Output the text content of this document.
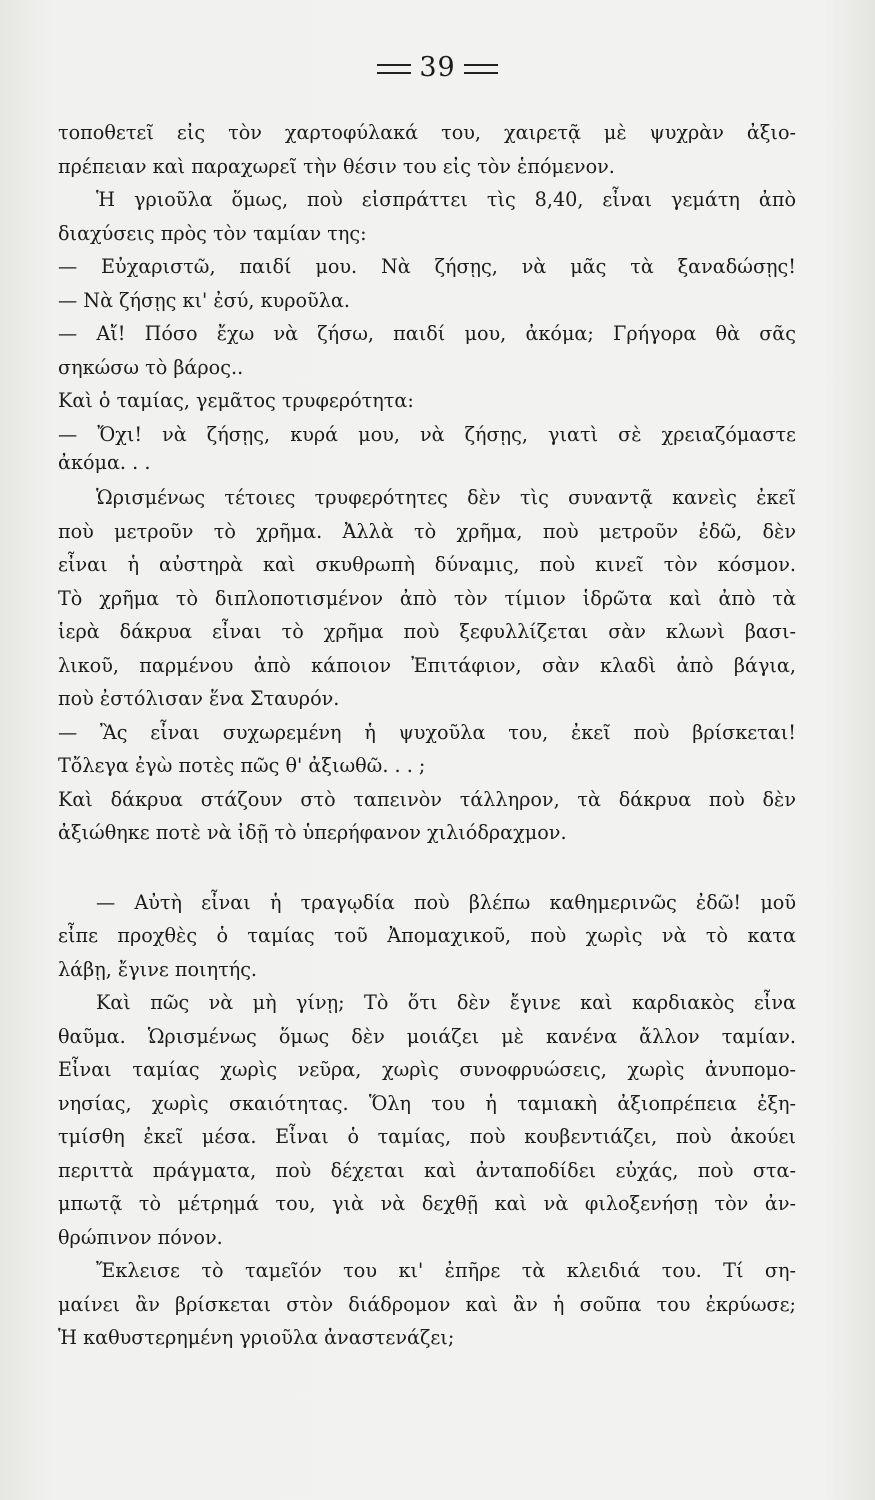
39
τοποθετεῖ εἰς τὸν χαρτοφύλακά του, χαιρετᾷ μὲ ψυχρὰν ἀξιο-
πρέπειαν καὶ παραχωρεῖ τὴν θέσιν του εἰς τὸν ἑπόμενον.
Ἡ γριοῦλα ὅμως, ποὺ εἰσπράττει τὶς 8,40, εἶναι γεμάτη ἀπὸ
διαχύσεις πρὸς τὸν ταμίαν της:
— Εὐχαριστῶ, παιδί μου. Νὰ ζήσῃς, νὰ μᾶς τὰ ξαναδώσῃς!
— Νὰ ζήσῃς κι' ἐσύ, κυροῦλα.
— Αἴ! Πόσο ἔχω νὰ ζήσω, παιδί μου, ἀκόμα; Γρήγορα θὰ σᾶς
σηκώσω τὸ βάρος..
Καὶ ὁ ταμίας, γεμᾶτος τρυφερότητα:
— Ὄχι! νὰ ζήσῃς, κυρά μου, νὰ ζήσῃς, γιατὶ σὲ χρειαζόμαστε
ἀκόμα. . .
Ὡρισμένως τέτοιες τρυφερότητες δὲν τὶς συναντᾷ κανεὶς ἐκεῖ
ποὺ μετροῦν τὸ χρῆμα. Ἀλλὰ τὸ χρῆμα, ποὺ μετροῦν ἐδῶ, δὲν
εἶναι ἡ αὐστηρὰ καὶ σκυθρωπὴ δύναμις, ποὺ κινεῖ τὸν κόσμον.
Τὸ χρῆμα τὸ διπλοποτισμένον ἀπὸ τὸν τίμιον ἱδρῶτα καὶ ἀπὸ τὰ
ἱερὰ δάκρυα εἶναι τὸ χρῆμα ποὺ ξεφυλλίζεται σὰν κλωνὶ βασι-
λικοῦ, παρμένου ἀπὸ κάποιον Ἐπιτάφιον, σὰν κλαδὶ ἀπὸ βάγια,
ποὺ ἐστόλισαν ἕνα Σταυρόν.
— Ἂς εἶναι συχωρεμένη ἡ ψυχοῦλα του, ἐκεῖ ποὺ βρίσκεται!
Τὄλεγα ἐγὼ ποτὲς πῶς θ' ἀξιωθῶ. . . ;
Καὶ δάκρυα στάζουν στὸ ταπεινὸν τάλληρον, τὰ δάκρυα ποὺ δὲν
ἀξιώθηκε ποτὲ νὰ ἰδῇ τὸ ὑπερήφανον χιλιόδραχμον.
— Αὐτὴ εἶναι ἡ τραγῳδία ποὺ βλέπω καθημερινῶς ἐδῶ! μοῦ
εἶπε προχθὲς ὁ ταμίας τοῦ Ἀπομαχικοῦ, ποὺ χωρὶς νὰ τὸ κατα
λάβῃ, ἔγινε ποιητής.
Καὶ πῶς νὰ μὴ γίνῃ; Τὸ ὅτι δὲν ἔγινε καὶ καρδιακὸς εἶνα
θαῦμα. Ὡρισμένως ὅμως δὲν μοιάζει μὲ κανένα ἄλλον ταμίαν.
Εἶναι ταμίας χωρὶς νεῦρα, χωρὶς συνοφρυώσεις, χωρὶς ἀνυπομο-
νησίας, χωρὶς σκαιότητας. Ὅλη του ἡ ταμιακὴ ἀξιοπρέπεια ἐξη-
τμίσθη ἐκεῖ μέσα. Εἶναι ὁ ταμίας, ποὺ κουβεντιάζει, ποὺ ἀκούει
περιττὰ πράγματα, ποὺ δέχεται καὶ ἀνταποδίδει εὐχάς, ποὺ στα-
μπωτᾷ τὸ μέτρημά του, γιὰ νὰ δεχθῇ καὶ νὰ φιλοξενήσῃ τὸν ἀν-
θρώπινον πόνον.
Ἔκλεισε τὸ ταμεῖόν του κι' ἐπῆρε τὰ κλειδιά του. Τί ση-
μαίνει ἂν βρίσκεται στὸν διάδρομον καὶ ἂν ἡ σοῦπα του ἐκρύωσε;
Ἡ καθυστερημένη γριοῦλα ἀναστενάζει;
